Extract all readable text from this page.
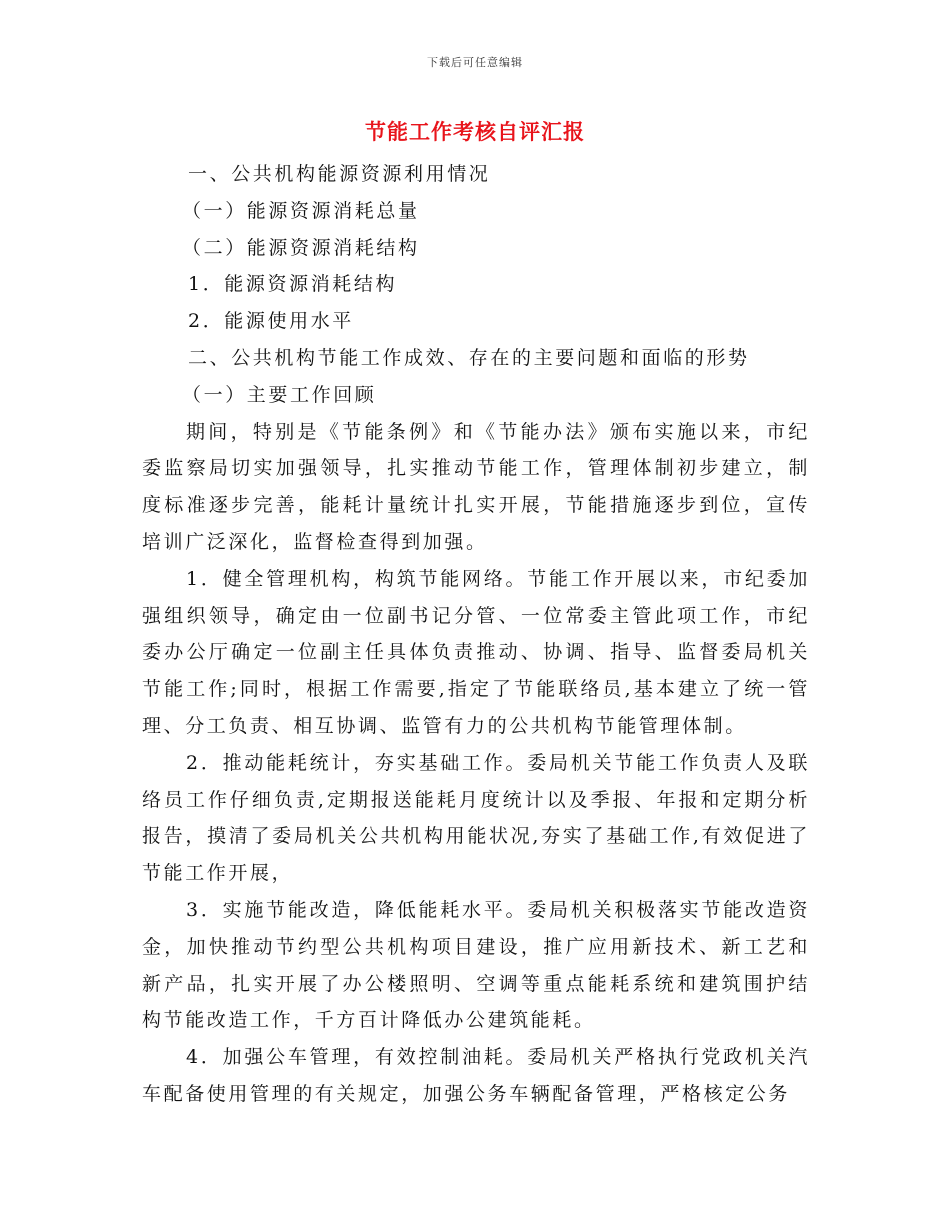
下载后可任意编辑
节能工作考核自评汇报

一、公共机构能源资源利用情况

（一）能源资源消耗总量

（二）能源资源消耗结构

1．能源资源消耗结构

2．能源使用水平

二、公共机构节能工作成效、存在的主要问题和面临的形势

（一）主要工作回顾

期间，特别是《节能条例》和《节能办法》颁布实施以来，市纪委监察局切实加强领导，扎实推动节能工作，管理体制初步建立，制度标准逐步完善，能耗计量统计扎实开展，节能措施逐步到位，宣传培训广泛深化，监督检查得到加强。

1．健全管理机构，构筑节能网络。节能工作开展以来，市纪委加强组织领导，确定由一位副书记分管、一位常委主管此项工作，市纪委办公厅确定一位副主任具体负责推动、协调、指导、监督委局机关节能工作;同时，根据工作需要,指定了节能联络员,基本建立了统一管理、分工负责、相互协调、监管有力的公共机构节能管理体制。

2．推动能耗统计，夯实基础工作。委局机关节能工作负责人及联络员工作仔细负责,定期报送能耗月度统计以及季报、年报和定期分析报告，摸清了委局机关公共机构用能状况,夯实了基础工作,有效促进了节能工作开展，

3．实施节能改造，降低能耗水平。委局机关积极落实节能改造资金，加快推动节约型公共机构项目建设，推广应用新技术、新工艺和新产品，扎实开展了办公楼照明、空调等重点能耗系统和建筑围护结构节能改造工作，千方百计降低办公建筑能耗。

4．加强公车管理，有效控制油耗。委局机关严格执行党政机关汽车配备使用管理的有关规定，加强公务车辆配备管理，严格核定公务
